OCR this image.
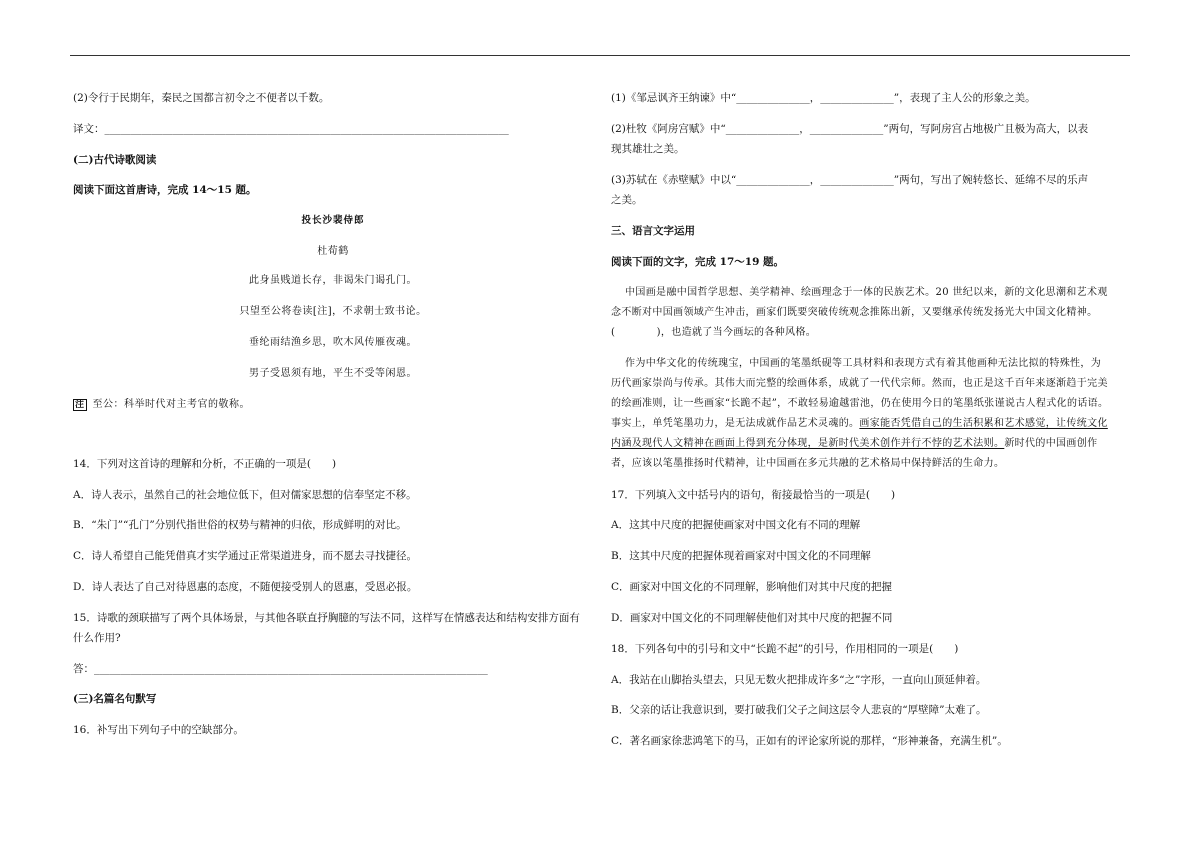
(2)令行于民期年，秦民之国都言初令之不便者以千数。
译文：_____________________________________________________________________________
(二)古代诗歌阅读
阅读下面这首唐诗，完成 14～15 题。
投长沙裴侍郎
杜荀鹤
此身虽贱道长存，非谒朱门谒孔门。
只望至公将卷读[注]，不求朝士致书论。
垂纶雨结渔乡思，吹木风传雁夜魂。
男子受恩须有地，平生不受等闲恩。
注 至公：科举时代对主考官的敬称。
14．下列对这首诗的理解和分析，不正确的一项是(　　)
A．诗人表示，虽然自己的社会地位低下，但对儒家思想的信奉坚定不移。
B．“朱门”“孔门”分别代指世俗的权势与精神的归依，形成鲜明的对比。
C．诗人希望自己能凭借真才实学通过正常渠道进身，而不愿去寻找捷径。
D．诗人表达了自己对待恩惠的态度，不随便接受别人的恩惠，受恩必报。
15．诗歌的颈联描写了两个具体场景，与其他各联直抒胸臆的写法不同，这样写在情感表达和结构安排方面有
什么作用?
答：___________________________________________________________________________
(三)名篇名句默写
16．补写出下列句子中的空缺部分。
(1)《邹忌讽齐王纳谏》中“______________，______________”，表现了主人公的形象之美。
(2)杜牧《阿房宫赋》中“______________，______________”两句，写阿房宫占地极广且极为高大，以表
现其雄壮之美。
(3)苏轼在《赤壁赋》中以“______________，______________”两句，写出了婉转悠长、延绵不尽的乐声
之美。
三、语言文字运用
阅读下面的文字，完成 17～19 题。
中国画是融中国哲学思想、美学精神、绘画理念于一体的民族艺术。20 世纪以来，新的文化思潮和艺术观
念不断对中国画领域产生冲击，画家们既要突破传统观念推陈出新，又要继承传统发扬光大中国文化精神。
(　　　　)，也造就了当今画坛的各种风格。
作为中华文化的传统瑰宝，中国画的笔墨纸砚等工具材料和表现方式有着其他画种无法比拟的特殊性，为
历代画家崇尚与传承。其伟大而完整的绘画体系，成就了一代代宗师。然而，也正是这千百年来逐渐趋于完美
的绘画准则，让一些画家“长跪不起”，不敢轻易逾越雷池，仍在使用今日的笔墨纸张谨说古人程式化的话语。
事实上，单凭笔墨功力，是无法成就作品艺术灵魂的。画家能否凭借自己的生活积累和艺术感觉，让传统文化
内涵及现代人文精神在画面上得到充分体现，是新时代美术创作并行不悖的艺术法则。新时代的中国画创作
者，应该以笔墨推扬时代精神，让中国画在多元共融的艺术格局中保持鲜活的生命力。
17．下列填入文中括号内的语句，衔接最恰当的一项是(　　)
A．这其中尺度的把握使画家对中国文化有不同的理解
B．这其中尺度的把握体现着画家对中国文化的不同理解
C．画家对中国文化的不同理解，影响他们对其中尺度的把握
D．画家对中国文化的不同理解使他们对其中尺度的把握不同
18．下列各句中的引号和文中“长跪不起”的引号，作用相同的一项是(　　)
A．我站在山脚抬头望去，只见无数火把排成许多“之”字形，一直向山顶延伸着。
B．父亲的话让我意识到，要打破我们父子之间这层令人悲哀的“厚壁障”太难了。
C．著名画家徐悲鸿笔下的马，正如有的评论家所说的那样，“形神兼备，充满生机”。
